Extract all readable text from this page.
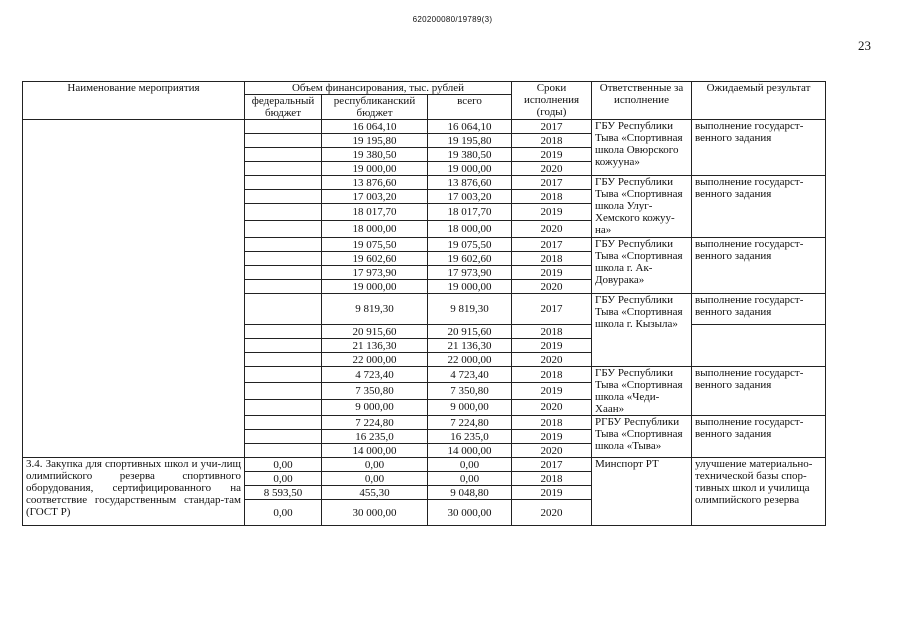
620200080/19789(3)
23
Наименование мероприятия	Объем финансирования, тыс. рублей			Сроки исполнения (годы)	Ответственные за исполнение	Ожидаемый результат
	федеральный бюджет	республиканский бюджет	всего			
		16 064,10	16 064,10	2017	ГБУ Республики Тыва «Спортивная школа Овюрского кожууна»	выполнение государст-венного задания
		19 195,80	19 195,80	2018		
		19 380,50	19 380,50	2019		
		19 000,00	19 000,00	2020		
		13 876,60	13 876,60	2017	ГБУ Республики Тыва «Спортивная школа Улуг-Хемского кожуу-на»	выполнение государст-венного задания
		17 003,20	17 003,20	2018		
		18 017,70	18 017,70	2019		
		18 000,00	18 000,00	2020		
		19 075,50	19 075,50	2017	ГБУ Республики Тыва «Спортивная школа г. Ак-Довурака»	выполнение государст-венного задания
		19 602,60	19 602,60	2018		
		17 973,90	17 973,90	2019		
		19 000,00	19 000,00	2020		
		9 819,30	9 819,30	2017	ГБУ Республики Тыва «Спортивная школа г. Кызыла»	выполнение государст-венного задания
		20 915,60	20 915,60	2018		
		21 136,30	21 136,30	2019		
		22 000,00	22 000,00	2020		
		4 723,40	4 723,40	2018	ГБУ Республики Тыва «Спортивная школа «Чеди-Хаан»	выполнение государст-венного задания
		7 350,80	7 350,80	2019		
		9 000,00	9 000,00	2020		
		7 224,80	7 224,80	2018	РГБУ Республики Тыва «Спортивная школа «Тыва»	выполнение государст-венного задания
		16 235,0	16 235,0	2019		
		14 000,00	14 000,00	2020		
3.4. Закупка для спортивных школ и учи-лищ олимпийского резерва спортивного оборудования, сертифицированного на соответствие государственным стандар-там (ГОСТ Р)	0,00	0,00	0,00	2017	Минспорт РТ	улучшение материально-технической базы спор-тивных школ и училища олимпийского резерва
	0,00	0,00	0,00	2018		
	8 593,50	455,30	9 048,80	2019		
	0,00	30 000,00	30 000,00	2020		
